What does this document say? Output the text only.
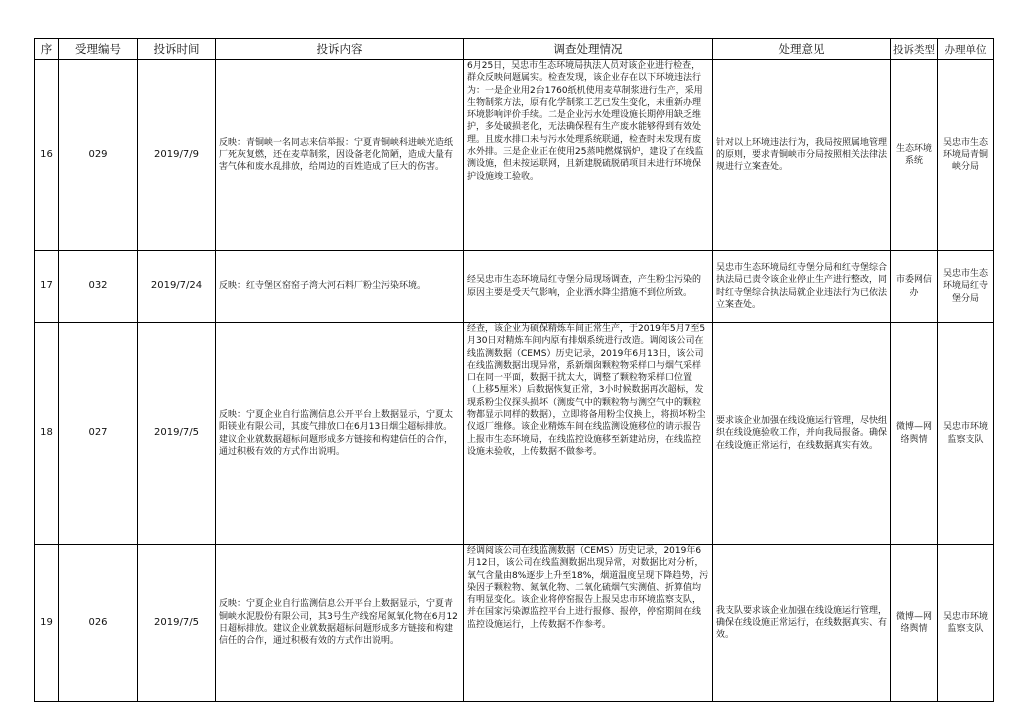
序	受理编号	投诉时间	投诉内容	调查处理情况	处理意见	投诉类型	办理单位
16	029	2019/7/9	反映：青铜峡一名同志来信举报：宁夏青铜峡科进峡光造纸厂死灰复燃，还在麦草制浆，因设备老化简陋，造成大量有害气体和废水乱排放，给周边的百姓造成了巨大的伤害。	6月25日，吴忠市生态环境局执法人员对该企业进行检查，群众反映问题属实。检查发现，该企业存在以下环境违法行为：一是企业用2台1760纸机使用麦草制浆进行生产，采用生物制浆方法，原有化学制浆工艺已发生变化，未重新办理环境影响评价手续。二是企业污水处理设施长期停用缺乏维护，多处破损老化，无法确保程有生产废水能够得到有效处理。且废水排口未与污水处理系统联通，检查时未发现有废水外排。三是企业正在使用25蒸吨燃煤锅炉，建设了在线监测设施，但未按运联网，且新建脱硫脱硝项目未进行环境保护设施竣工验收。	针对以上环境违法行为，我局按照属地管理的原则，要求青铜峡市分局按照相关法律法规进行立案查处。	生态环境系统	吴忠市生态环境局青铜峡分局
17	032	2019/7/24	反映：红寺堡区窑窑子湾大河石料厂粉尘污染环境。	经吴忠市生态环境局红寺堡分局现场调查，产生粉尘污染的原因主要是受天气影响，企业洒水降尘措施不到位所致。	吴忠市生态环境局红寺堡分局和红寺堡综合执法局已责令该企业停止生产进行整改，同时红寺堡综合执法局就企业违法行为已依法立案查处。	市委网信办	吴忠市生态环境局红寺堡分局
18	027	2019/7/5	反映：宁夏企业自行监测信息公开平台上数据显示，宁夏太阳镁业有限公司，其废气排放口在6月13日烟尘超标排放。建议企业就数据超标问题形成多方链接和构建信任的合作，通过积极有效的方式作出说明。	经查，该企业为硕保精炼车间正常生产，于2019年5月7至5月30日对精炼车间内原有排烟系统进行改造。调阅该公司在线监测数据（CEMS）历史记录，2019年6月13日，该公司在线监测数据出现异常，系新烟囱颗粒物采样口与烟气采样口在同一平面，数据干扰太大，调整了颗粒物采样口位置（上移5厘米）后数据恢复正常，3小时候数据再次超标，发现系粉尘仪探头损坏（测废气中的颗粒物与测空气中的颗粒物都显示同样的数据），立即将备用粉尘仪换上，将损坏粉尘仪返厂维修。该企业精炼车间在线监测设施移位的请示报告上报市生态环境局，在线监控设施移至新建站房，在线监控设施未验收，上传数据不做参考。	要求该企业加强在线设施运行管理，尽快组织在线设施验收工作，并向我局报备。确保在线设施正常运行，在线数据真实有效。	微博—网络舆情	吴忠市环境监察支队
19	026	2019/7/5	反映：宁夏企业自行监测信息公开平台上数据显示，宁夏青铜峡水泥股份有限公司，其3号生产线窑尾氮氧化物在6月12日超标排放。建议企业就数据超标问题形成多方链接和构建信任的合作，通过积极有效的方式作出说明。	经调阅该公司在线监测数据（CEMS）历史记录，2019年6月12日，该公司在线监测数据出现异常，对数据比对分析，氧气含量由8%逐步上升至18%，烟道温度呈现下降趋势，污染因子颗粒物、氮氧化物、二氧化硫烟气实测值、折算值均有明显变化。该企业将停窑报告上报吴忠市环境监察支队，并在国家污染源监控平台上进行报修、报停，停窑期间在线监控设施运行，上传数据不作参考。	我支队要求该企业加强在线设施运行管理，确保在线设施正常运行，在线数据真实、有效。	微博—网络舆情	吴忠市环境监察支队
